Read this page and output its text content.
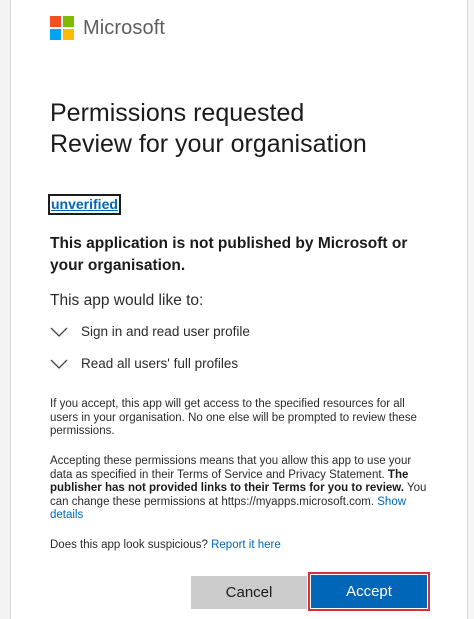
Microsoft
Permissions requested
Review for your organisation
unverified

This application is not published by Microsoft or your organisation.

This app would like to:

Sign in and read user profile
Read all users' full profiles

If you accept, this app will get access to the specified resources for all users in your organisation. No one else will be prompted to review these permissions.

Accepting these permissions means that you allow this app to use your data as specified in their Terms of Service and Privacy Statement. The publisher has not provided links to their Terms for you to review. You can change these permissions at https://myapps.microsoft.com. Show details

Does this app look suspicious? Report it here

Cancel	Accept
